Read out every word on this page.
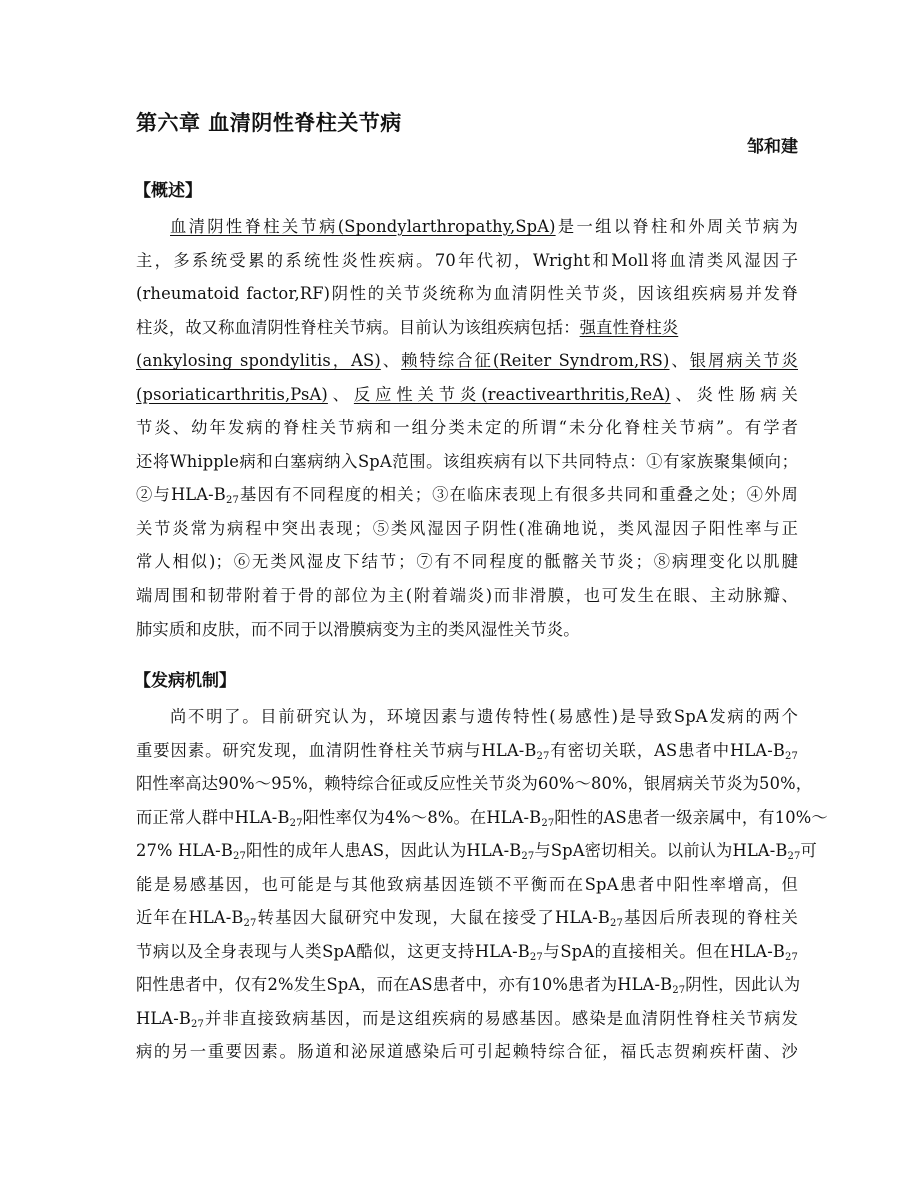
第六章 血清阴性脊柱关节病
邹和建
【概述】
血清阴性脊柱关节病(Spondylarthropathy,SpA)是一组以脊柱和外周关节病为
主，多系统受累的系统性炎性疾病。70年代初，Wright和Moll将血清类风湿因子
(rheumatoid factor,RF)阴性的关节炎统称为血清阴性关节炎，因该组疾病易并发脊
柱炎，故又称血清阴性脊柱关节病。目前认为该组疾病包括：强直性脊柱炎
(ankylosing spondylitis，AS)、赖特综合征(Reiter Syndrom,RS)、银屑病关节炎
(psoriaticarthritis,PsA)、反应性关节炎(reactivearthritis,ReA)、炎性肠病关
节炎、幼年发病的脊柱关节病和一组分类未定的所谓“未分化脊柱关节病”。有学者
还将Whipple病和白塞病纳入SpA范围。该组疾病有以下共同特点：①有家族聚集倾向；
②与HLA-$B_{27}$基因有不同程度的相关；③在临床表现上有很多共同和重叠之处；④外周
关节炎常为病程中突出表现；⑤类风湿因子阴性(准确地说，类风湿因子阳性率与正
常人相似)；⑥无类风湿皮下结节；⑦有不同程度的骶髂关节炎；⑧病理变化以肌腱
端周围和韧带附着于骨的部位为主(附着端炎)而非滑膜，也可发生在眼、主动脉瓣、
肺实质和皮肤，而不同于以滑膜病变为主的类风湿性关节炎。
【发病机制】
尚不明了。目前研究认为，环境因素与遗传特性(易感性)是导致SpA发病的两个
重要因素。研究发现，血清阴性脊柱关节病与HLA-$B_{27}$有密切关联，AS患者中HLA-$B_{27}$
阳性率高达90%～95%，赖特综合征或反应性关节炎为60%～80%，银屑病关节炎为50%，
而正常人群中HLA-$B_{27}$阳性率仅为4%～8%。在HLA-$B_{27}$阳性的AS患者一级亲属中，有10%～
27% HLA-$B_{27}$阳性的成年人患AS，因此认为HLA-$B_{27}$与SpA密切相关。以前认为HLA-$B_{27}$可
能是易感基因，也可能是与其他致病基因连锁不平衡而在SpA患者中阳性率增高，但
近年在HLA-$B_{27}$转基因大鼠研究中发现，大鼠在接受了HLA-$B_{27}$基因后所表现的脊柱关
节病以及全身表现与人类SpA酷似，这更支持HLA-$B_{27}$与SpA的直接相关。但在HLA-$B_{27}$
阳性患者中，仅有2%发生SpA，而在AS患者中，亦有10%患者为HLA-$B_{27}$阴性，因此认为
HLA-$B_{27}$并非直接致病基因，而是这组疾病的易感基因。感染是血清阴性脊柱关节病发
病的另一重要因素。肠道和泌尿道感染后可引起赖特综合征，福氏志贺痢疾杆菌、沙
